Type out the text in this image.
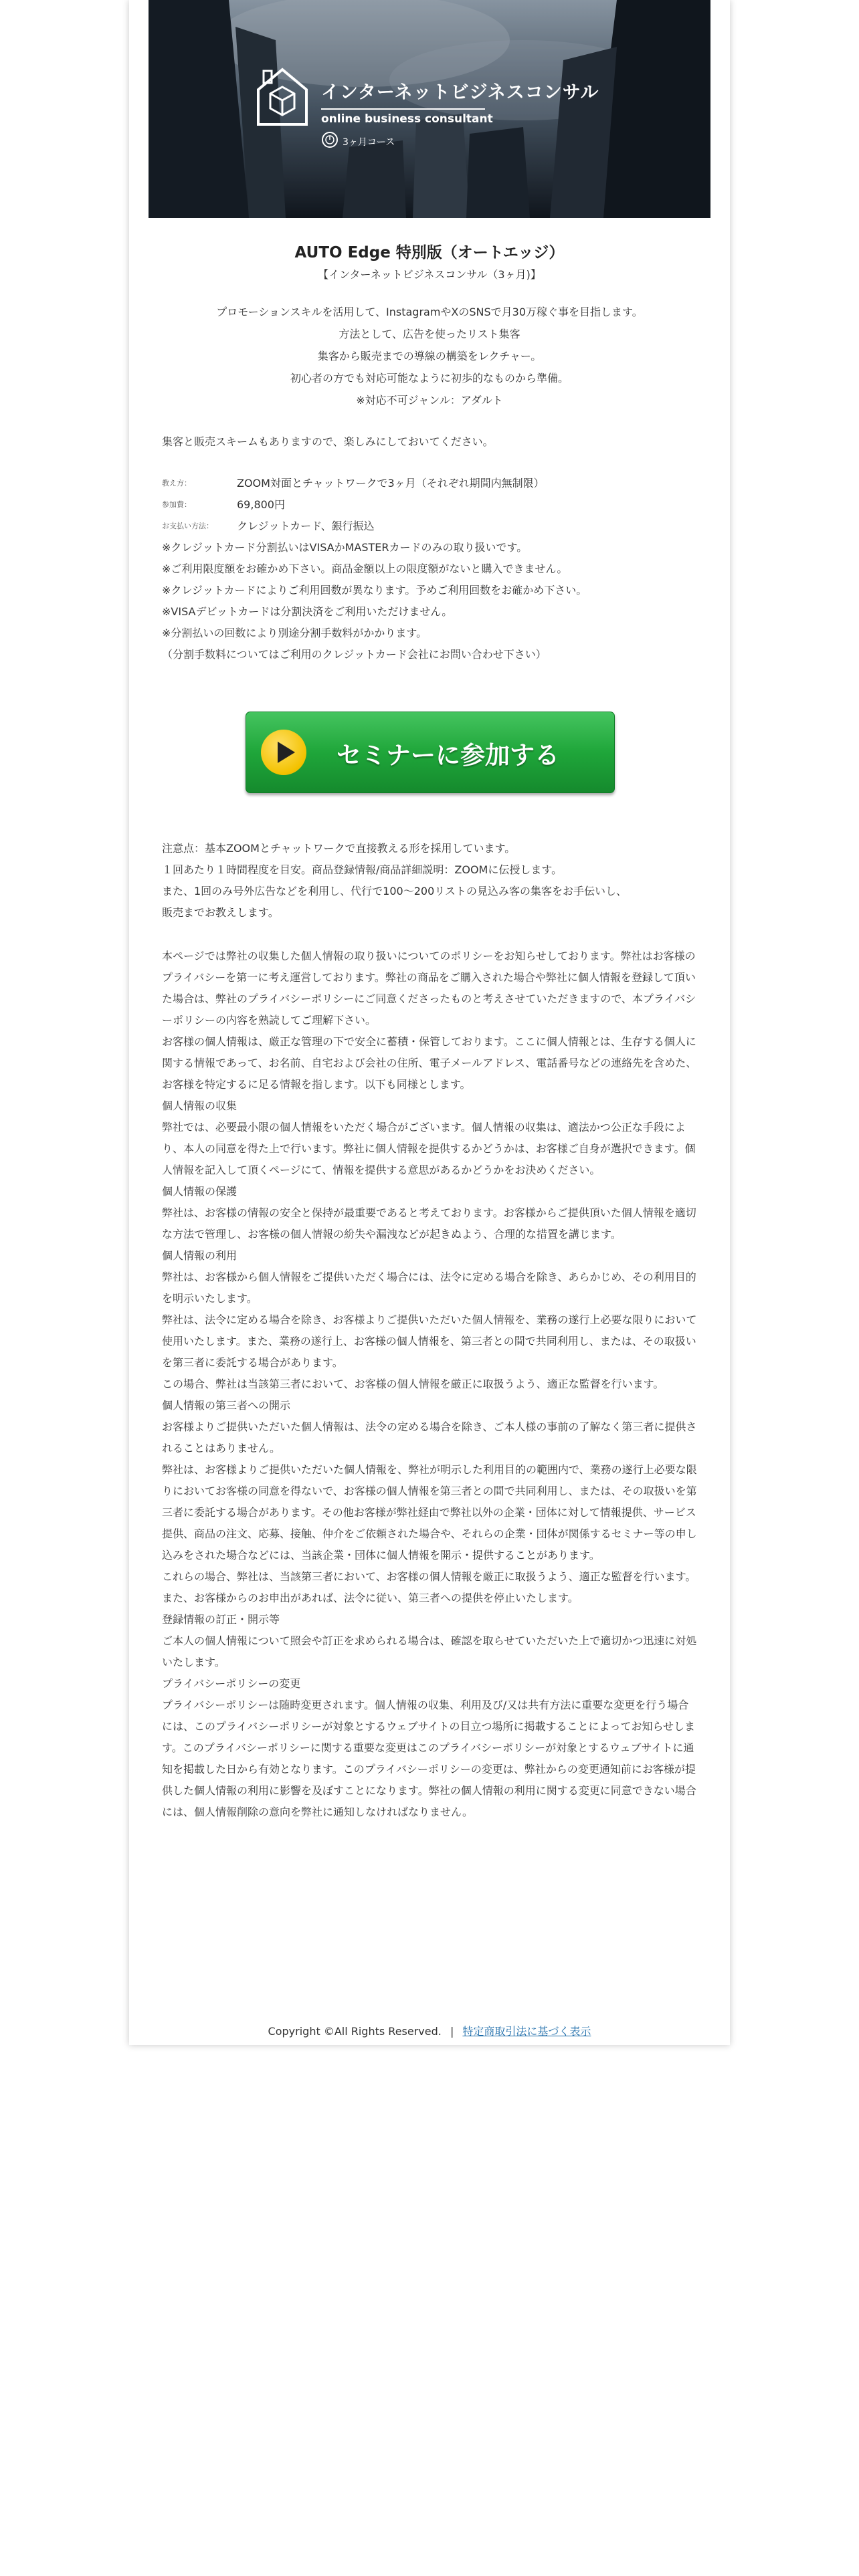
インターネットビジネスコンサル
online business consultant
3ヶ月コース

AUTO Edge 特別版（オートエッジ）

【インターネットビジネスコンサル（3ヶ月)】

プロモーションスキルを活用して、InstagramやXのSNSで月30万稼ぐ事を目指します。

方法として、広告を使ったリスト集客

集客から販売までの導線の構築をレクチャー。

初心者の方でも対応可能なように初歩的なものから準備。

※対応不可ジャンル：アダルト

集客と販売スキームもありますので、楽しみにしておいてください。

教え方：	ZOOM対面とチャットワークで3ヶ月（それぞれ期間内無制限）
参加費：	69,800円
お支払い方法：	クレジットカード、銀行振込

※クレジットカード分割払いはVISAかMASTERカードのみの取り扱いです。

※ご利用限度額をお確かめ下さい。商品金額以上の限度額がないと購入できません。

※クレジットカードによりご利用回数が異なります。予めご利用回数をお確かめ下さい。

※VISAデビットカードは分割決済をご利用いただけません。

※分割払いの回数により別途分割手数料がかかります。

（分割手数料についてはご利用のクレジットカード会社にお問い合わせ下さい）

セミナーに参加する

注意点：基本ZOOMとチャットワークで直接教える形を採用しています。

１回あたり１時間程度を目安。商品登録情報/商品詳細説明：ZOOMに伝授します。

また、1回のみ号外広告などを利用し、代行で100〜200リストの見込み客の集客をお手伝いし、

販売までお教えします。

本ページでは弊社の収集した個人情報の取り扱いについてのポリシーをお知らせしております。弊社はお客様のプライバシーを第一に考え運営しております。弊社の商品をご購入された場合や弊社に個人情報を登録して頂いた場合は、弊社のプライバシーポリシーにご同意くださったものと考えさせていただきますので、本プライバシーポリシーの内容を熟読してご理解下さい。

お客様の個人情報は、厳正な管理の下で安全に蓄積・保管しております。ここに個人情報とは、生存する個人に関する情報であって、お名前、自宅および会社の住所、電子メールアドレス、電話番号などの連絡先を含めた、お客様を特定するに足る情報を指します。以下も同様とします。

個人情報の収集

弊社では、必要最小限の個人情報をいただく場合がございます。個人情報の収集は、適法かつ公正な手段により、本人の同意を得た上で行います。弊社に個人情報を提供するかどうかは、お客様ご自身が選択できます。個人情報を記入して頂くページにて、情報を提供する意思があるかどうかをお決めください。

個人情報の保護

弊社は、お客様の情報の安全と保持が最重要であると考えております。お客様からご提供頂いた個人情報を適切な方法で管理し、お客様の個人情報の紛失や漏洩などが起きぬよう、合理的な措置を講じます。

個人情報の利用

弊社は、お客様から個人情報をご提供いただく場合には、法令に定める場合を除き、あらかじめ、その利用目的を明示いたします。

弊社は、法令に定める場合を除き、お客様よりご提供いただいた個人情報を、業務の遂行上必要な限りにおいて使用いたします。また、業務の遂行上、お客様の個人情報を、第三者との間で共同利用し、または、その取扱いを第三者に委託する場合があります。

この場合、弊社は当該第三者において、お客様の個人情報を厳正に取扱うよう、適正な監督を行います。

個人情報の第三者への開示

お客様よりご提供いただいた個人情報は、法令の定める場合を除き、ご本人様の事前の了解なく第三者に提供されることはありません。

弊社は、お客様よりご提供いただいた個人情報を、弊社が明示した利用目的の範囲内で、業務の遂行上必要な限りにおいてお客様の同意を得ないで、お客様の個人情報を第三者との間で共同利用し、または、その取扱いを第三者に委託する場合があります。その他お客様が弊社経由で弊社以外の企業・団体に対して情報提供、サービス提供、商品の注文、応募、接触、仲介をご依頼された場合や、それらの企業・団体が関係するセミナー等の申し込みをされた場合などには、当該企業・団体に個人情報を開示・提供することがあります。

これらの場合、弊社は、当該第三者において、お客様の個人情報を厳正に取扱うよう、適正な監督を行います。また、お客様からのお申出があれば、法令に従い、第三者への提供を停止いたします。

登録情報の訂正・開示等

ご本人の個人情報について照会や訂正を求められる場合は、確認を取らせていただいた上で適切かつ迅速に対処いたします。

プライバシーポリシーの変更

プライバシーポリシーは随時変更されます。個人情報の収集、利用及び/又は共有方法に重要な変更を行う場合には、このプライバシーポリシーが対象とするウェブサイトの目立つ場所に掲載することによってお知らせします。このプライバシーポリシーに関する重要な変更はこのプライバシーポリシーが対象とするウェブサイトに通知を掲載した日から有効となります。このプライバシーポリシーの変更は、弊社からの変更通知前にお客様が提供した個人情報の利用に影響を及ぼすことになります。弊社の個人情報の利用に関する変更に同意できない場合には、個人情報削除の意向を弊社に通知しなければなりません。

Copyright ©All Rights Reserved. | 特定商取引法に基づく表示
